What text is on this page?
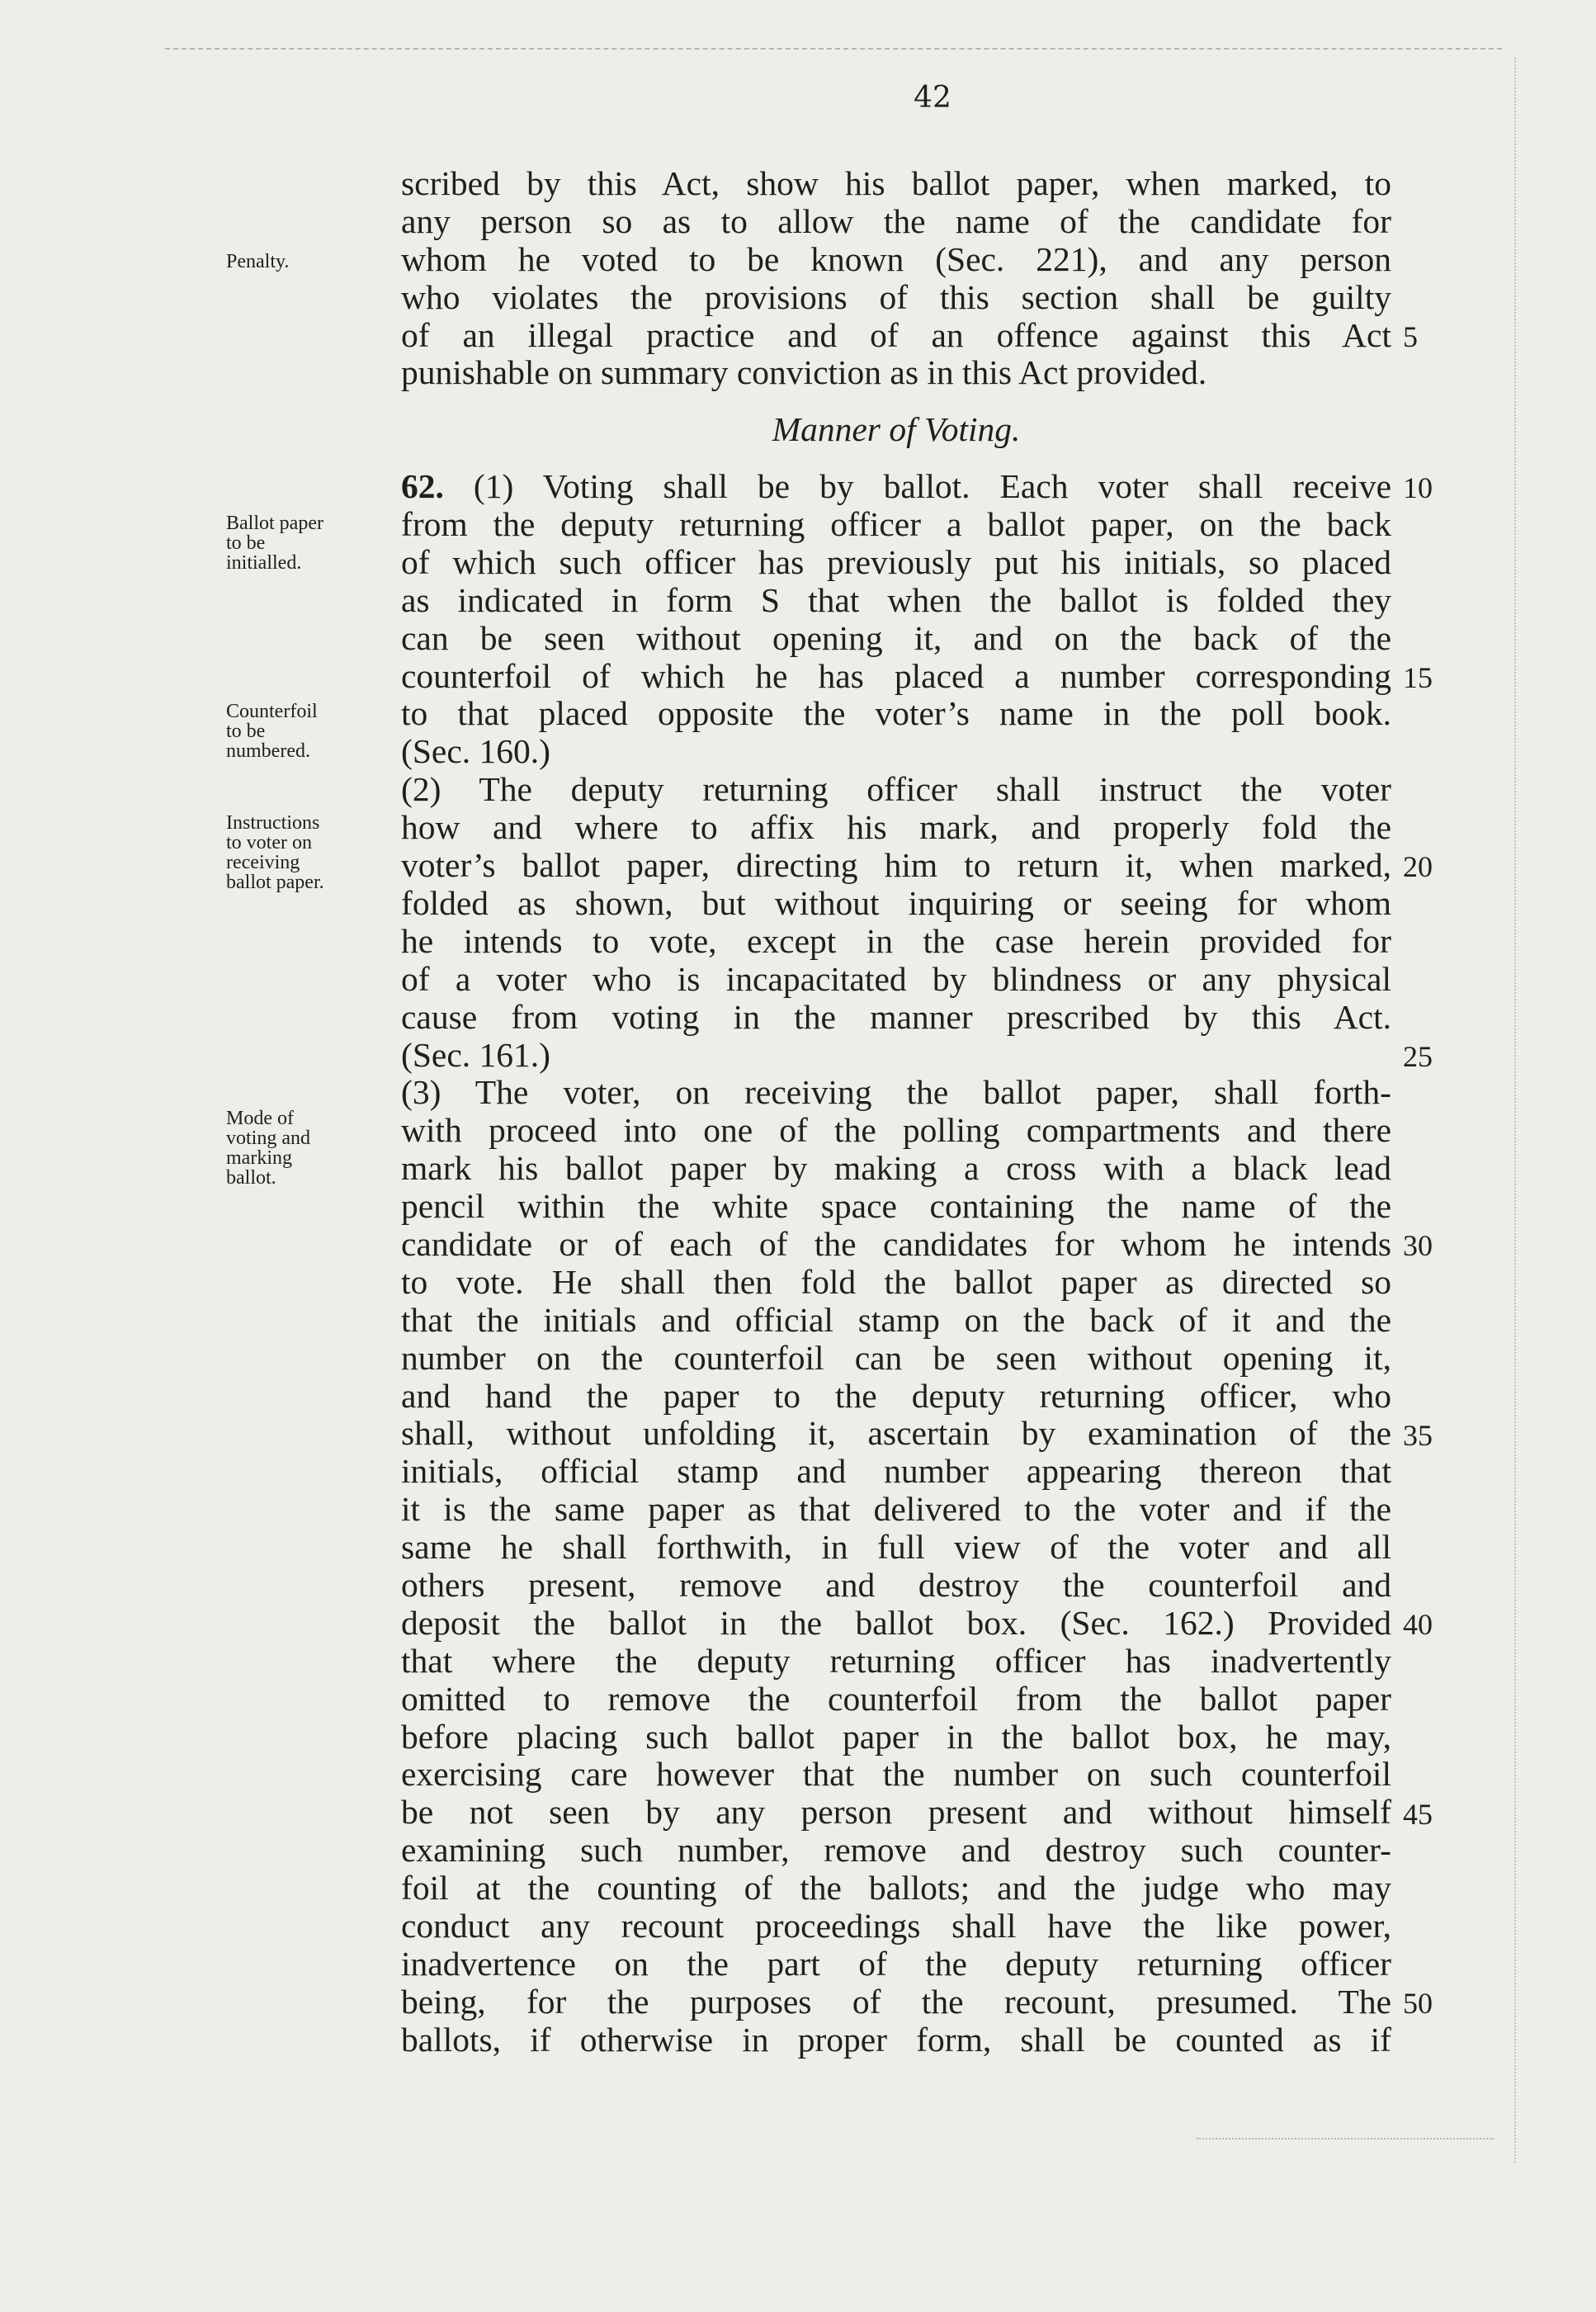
42
Penalty.
Ballot paper
to be
initialled.
Counterfoil
to be
numbered.
Instructions
to voter on
receiving
ballot paper.
Mode of
voting and
marking
ballot.
5
10
15
20
25
30
35
40
45
50
scribed by this Act, show his ballot paper, when marked, to
any person so as to allow the name of the candidate for
whom he voted to be known (Sec. 221), and any person
who violates the provisions of this section shall be guilty
of an illegal practice and of an offence against this Act
punishable on summary conviction as in this Act provided.
Manner of Voting.
62. (1) Voting shall be by ballot. Each voter shall receive
from the deputy returning officer a ballot paper, on the back
of which such officer has previously put his initials, so placed
as indicated in form S that when the ballot is folded they
can be seen without opening it, and on the back of the
counterfoil of which he has placed a number corresponding
to that placed opposite the voter’s name in the poll book.
(Sec. 160.)
(2) The deputy returning officer shall instruct the voter
how and where to affix his mark, and properly fold the
voter’s ballot paper, directing him to return it, when marked,
folded as shown, but without inquiring or seeing for whom
he intends to vote, except in the case herein provided for
of a voter who is incapacitated by blindness or any physical
cause from voting in the manner prescribed by this Act.
(Sec. 161.)
(3) The voter, on receiving the ballot paper, shall forth-
with proceed into one of the polling compartments and there
mark his ballot paper by making a cross with a black lead
pencil within the white space containing the name of the
candidate or of each of the candidates for whom he intends
to vote. He shall then fold the ballot paper as directed so
that the initials and official stamp on the back of it and the
number on the counterfoil can be seen without opening it,
and hand the paper to the deputy returning officer, who
shall, without unfolding it, ascertain by examination of the
initials, official stamp and number appearing thereon that
it is the same paper as that delivered to the voter and if the
same he shall forthwith, in full view of the voter and all
others present, remove and destroy the counterfoil and
deposit the ballot in the ballot box. (Sec. 162.) Provided
that where the deputy returning officer has inadvertently
omitted to remove the counterfoil from the ballot paper
before placing such ballot paper in the ballot box, he may,
exercising care however that the number on such counterfoil
be not seen by any person present and without himself
examining such number, remove and destroy such counter-
foil at the counting of the ballots; and the judge who may
conduct any recount proceedings shall have the like power,
inadvertence on the part of the deputy returning officer
being, for the purposes of the recount, presumed. The
ballots, if otherwise in proper form, shall be counted as if
